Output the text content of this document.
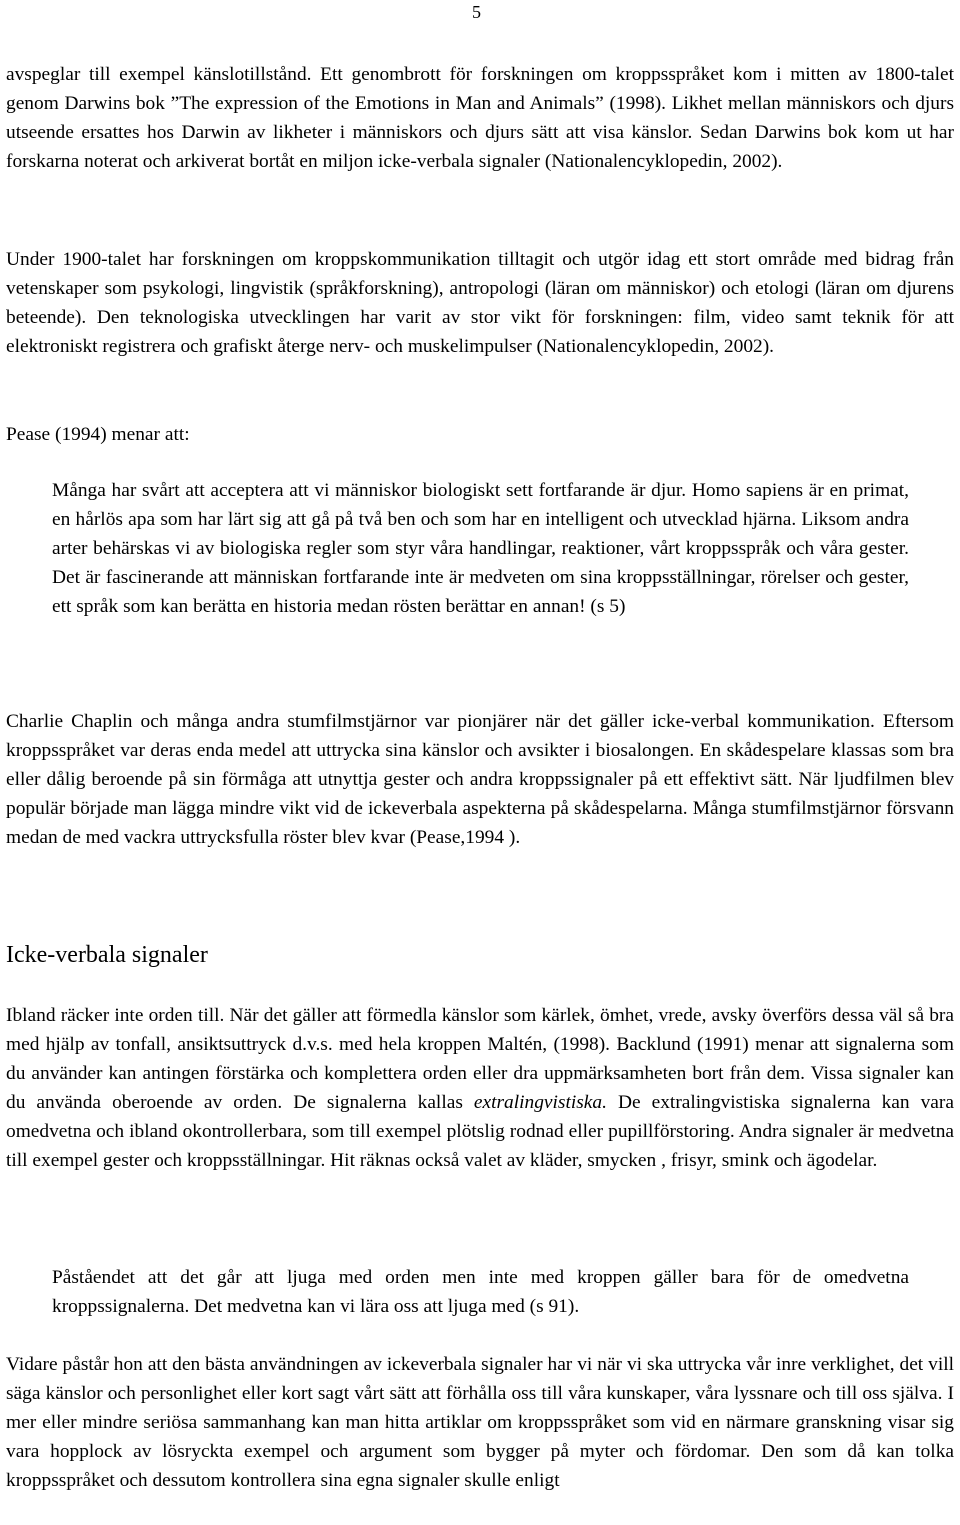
5

avspeglar till exempel känslotillstånd. Ett genombrott för forskningen om kroppsspråket kom i mitten av 1800-talet genom Darwins bok ”The expression of the Emotions in Man and Animals” (1998). Likhet mellan människors och djurs utseende ersattes hos Darwin av likheter i människors och djurs sätt att visa känslor. Sedan Darwins bok kom ut har forskarna noterat och arkiverat bortåt en miljon icke-verbala signaler (Nationalencyklopedin, 2002).

Under 1900-talet har forskningen om kroppskommunikation tilltagit och utgör idag ett stort område med bidrag från vetenskaper som psykologi, lingvistik (språkforskning), antropologi (läran om människor) och etologi (läran om djurens beteende). Den teknologiska utvecklingen har varit av stor vikt för forskningen: film, video samt teknik för att elektroniskt registrera och grafiskt återge nerv- och muskelimpulser (Nationalencyklopedin, 2002).

Pease (1994) menar att:

Många har svårt att acceptera att vi människor biologiskt sett fortfarande är djur. Homo sapiens är en primat, en hårlös apa som har lärt sig att gå på två ben och som har en intelligent och utvecklad hjärna. Liksom andra arter behärskas vi av biologiska regler som styr våra handlingar, reaktioner, vårt kroppsspråk och våra gester. Det är fascinerande att människan fortfarande inte är medveten om sina kroppsställningar, rörelser och gester, ett språk som kan berätta en historia medan rösten berättar en annan! (s 5)

Charlie Chaplin och många andra stumfilmstjärnor var pionjärer när det gäller icke-verbal kommunikation. Eftersom kroppsspråket var deras enda medel att uttrycka sina känslor och avsikter i biosalongen. En skådespelare klassas som bra eller dålig beroende på sin förmåga att utnyttja gester och andra kroppssignaler på ett effektivt sätt. När ljudfilmen blev populär började man lägga mindre vikt vid de ickeverbala aspekterna på skådespelarna. Många stumfilmstjärnor försvann medan de med vackra uttrycksfulla röster blev kvar (Pease,1994 ).

Icke-verbala signaler

Ibland räcker inte orden till. När det gäller att förmedla känslor som kärlek, ömhet, vrede, avsky överförs dessa väl så bra med hjälp av tonfall, ansiktsuttryck d.v.s. med hela kroppen Maltén, (1998). Backlund (1991) menar att signalerna som du använder kan antingen förstärka och komplettera orden eller dra uppmärksamheten bort från dem. Vissa signaler kan du använda oberoende av orden. De signalerna kallas extralingvistiska. De extralingvistiska signalerna kan vara omedvetna och ibland okontrollerbara, som till exempel plötslig rodnad eller pupillförstoring. Andra signaler är medvetna till exempel gester och kroppsställningar. Hit räknas också valet av kläder, smycken , frisyr, smink och ägodelar.

Påståendet att det går att ljuga med orden men inte med kroppen gäller bara för de omedvetna kroppssignalerna. Det medvetna kan vi lära oss att ljuga med (s 91).

Vidare påstår hon att den bästa användningen av ickeverbala signaler har vi när vi ska uttrycka vår inre verklighet, det vill säga känslor och personlighet eller kort sagt vårt sätt att förhålla oss till våra kunskaper, våra lyssnare och till oss själva. I mer eller mindre seriösa sammanhang kan man hitta artiklar om kroppsspråket som vid en närmare granskning visar sig vara hopplock av lösryckta exempel och argument som bygger på myter och fördomar. Den som då kan tolka kroppsspråket och dessutom kontrollera sina egna signaler skulle enligt
